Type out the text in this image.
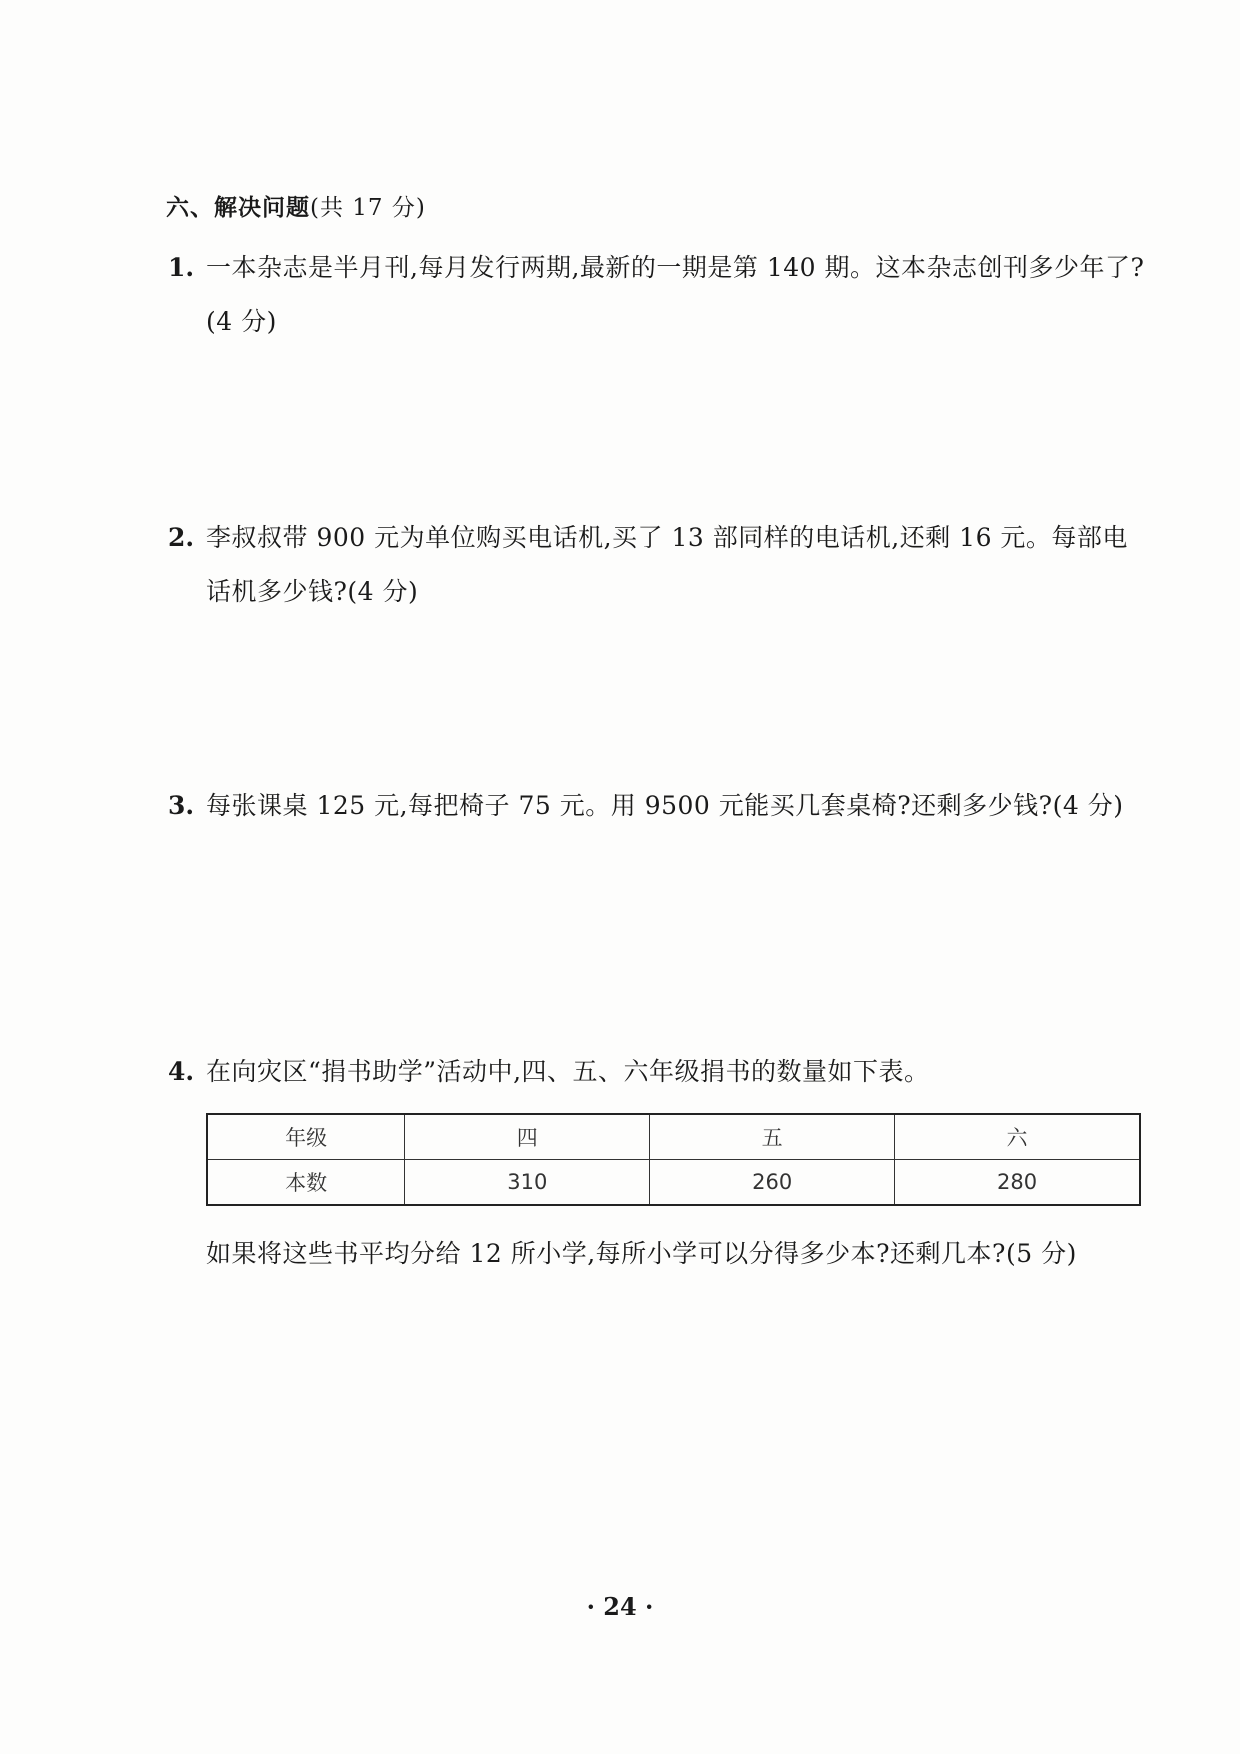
六、解决问题(共 17 分)
1. 一本杂志是半月刊,每月发行两期,最新的一期是第 140 期。这本杂志创刊多少年了?(4 分)
2. 李叔叔带 900 元为单位购买电话机,买了 13 部同样的电话机,还剩 16 元。每部电话机多少钱?(4 分)
3. 每张课桌 125 元,每把椅子 75 元。用 9500 元能买几套桌椅?还剩多少钱?(4 分)
4. 在向灾区“捐书助学”活动中,四、五、六年级捐书的数量如下表。
年级	四	五	六
本数	310	260	280
如果将这些书平均分给 12 所小学,每所小学可以分得多少本?还剩几本?(5 分)
· 24 ·
